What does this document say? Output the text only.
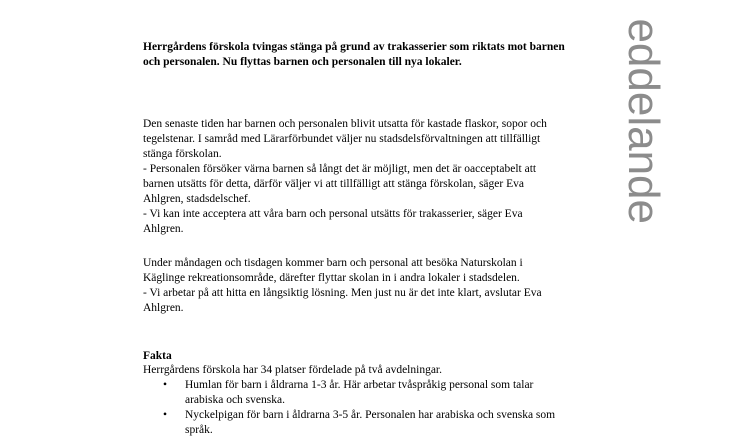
eddelande
Herrgårdens förskola tvingas stänga på grund av trakasserier som riktats mot barnen och personalen. Nu flyttas barnen och personalen till nya lokaler.

Den senaste tiden har barnen och personalen blivit utsatta för kastade flaskor, sopor och tegelstenar. I samråd med Lärarförbundet väljer nu stadsdelsförvaltningen att tillfälligt stänga förskolan.

- Personalen försöker värna barnen så långt det är möjligt, men det är oacceptabelt att barnen utsätts för detta, därför väljer vi att tillfälligt att stänga förskolan, säger Eva Ahlgren, stadsdelschef.

- Vi kan inte acceptera att våra barn och personal utsätts för trakasserier, säger Eva Ahlgren.

Under måndagen och tisdagen kommer barn och personal att besöka Naturskolan i Käglinge rekreationsområde, därefter flyttar skolan in i andra lokaler i stadsdelen.

- Vi arbetar på att hitta en långsiktig lösning. Men just nu är det inte klart, avslutar Eva Ahlgren.

Fakta
Herrgårdens förskola har 34 platser fördelade på två avdelningar.
• Humlan för barn i åldrarna 1-3 år. Här arbetar tvåspråkig personal som talar arabiska och svenska.
• Nyckelpigan för barn i åldrarna 3-5 år. Personalen har arabiska och svenska som språk.
